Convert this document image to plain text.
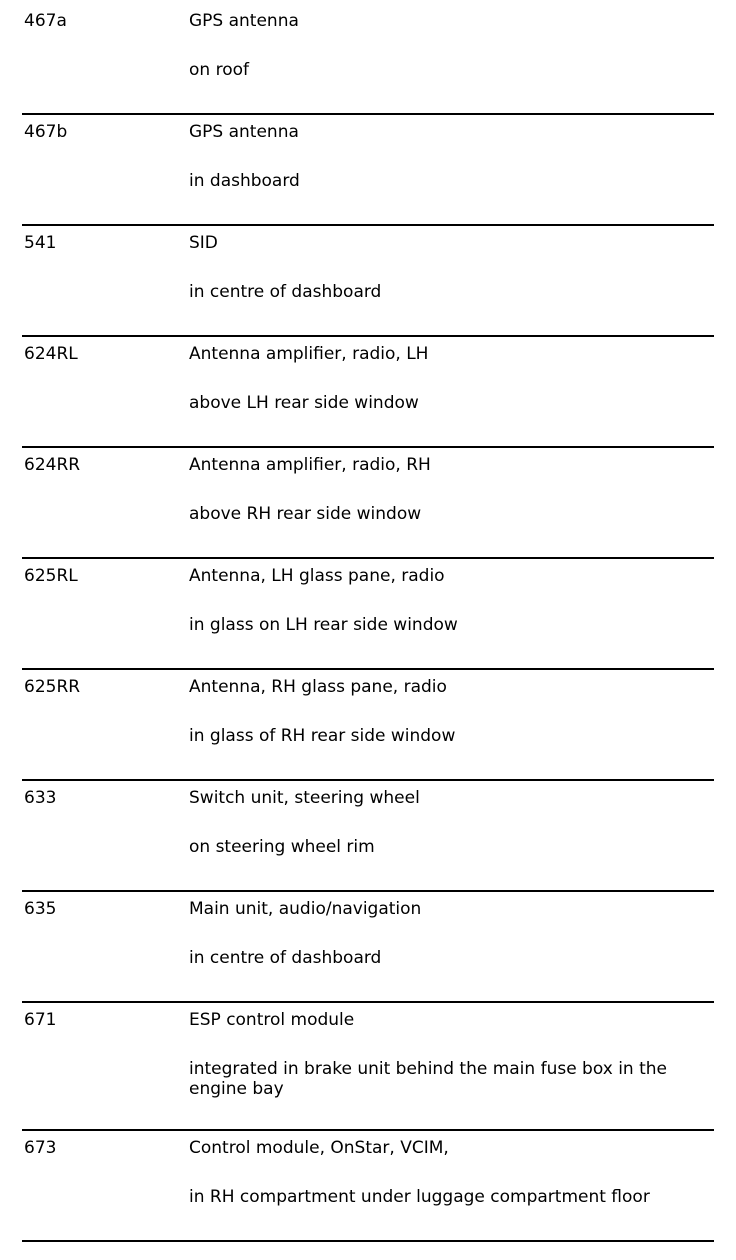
467a	GPS antenna
on roof

467b	GPS antenna
in dashboard

541	SID
in centre of dashboard

624RL	Antenna amplifier, radio, LH
above LH rear side window

624RR	Antenna amplifier, radio, RH
above RH rear side window

625RL	Antenna, LH glass pane, radio
in glass on LH rear side window

625RR	Antenna, RH glass pane, radio
in glass of RH rear side window

633	Switch unit, steering wheel
on steering wheel rim

635	Main unit, audio/navigation
in centre of dashboard

671	ESP control module
integrated in brake unit behind the main fuse box in the engine bay

673	Control module, OnStar, VCIM,
in RH compartment under luggage compartment floor
